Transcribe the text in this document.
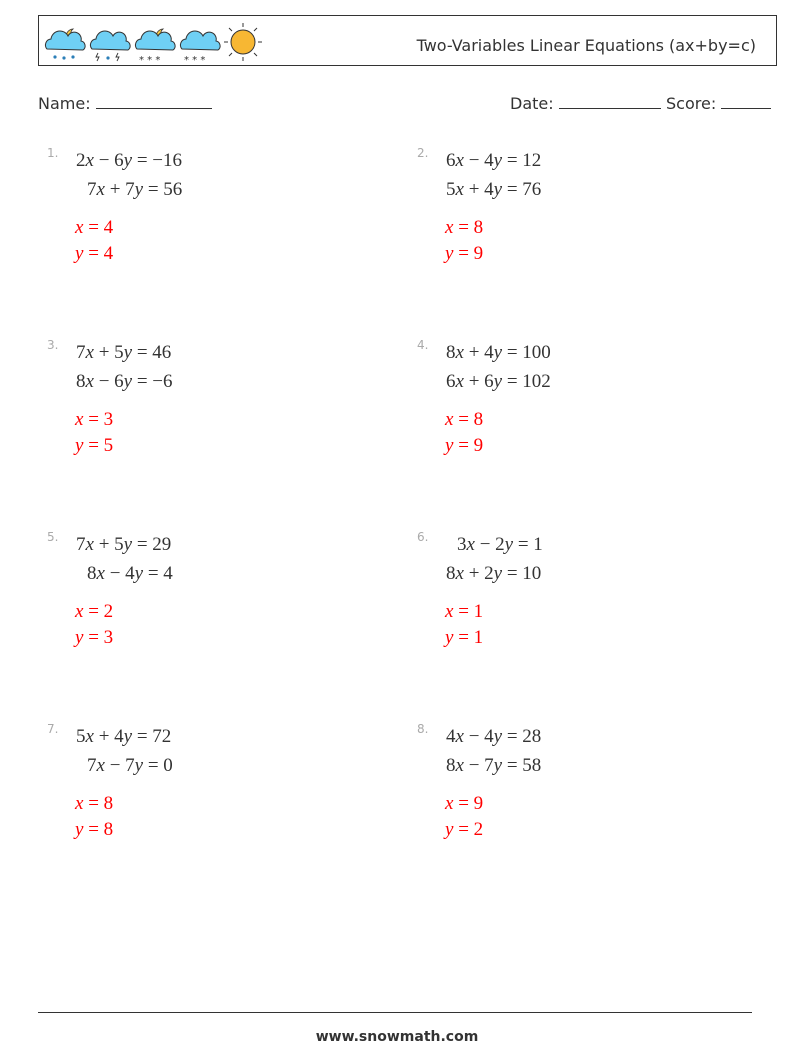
* * * * * *
Two-Variables Linear Equations (ax+by=c)
Name:	Date:	Score:
1. 2x − 6y = −16
7x + 7y = 56
x = 4
y = 4
2. 6x − 4y = 12
5x + 4y = 76
x = 8
y = 9
3. 7x + 5y = 46
8x − 6y = −6
x = 3
y = 5
4. 8x + 4y = 100
6x + 6y = 102
x = 8
y = 9
5. 7x + 5y = 29
8x − 4y = 4
x = 2
y = 3
6. 3x − 2y = 1
8x + 2y = 10
x = 1
y = 1
7. 5x + 4y = 72
7x − 7y = 0
x = 8
y = 8
8. 4x − 4y = 28
8x − 7y = 58
x = 9
y = 2
www.snowmath.com
